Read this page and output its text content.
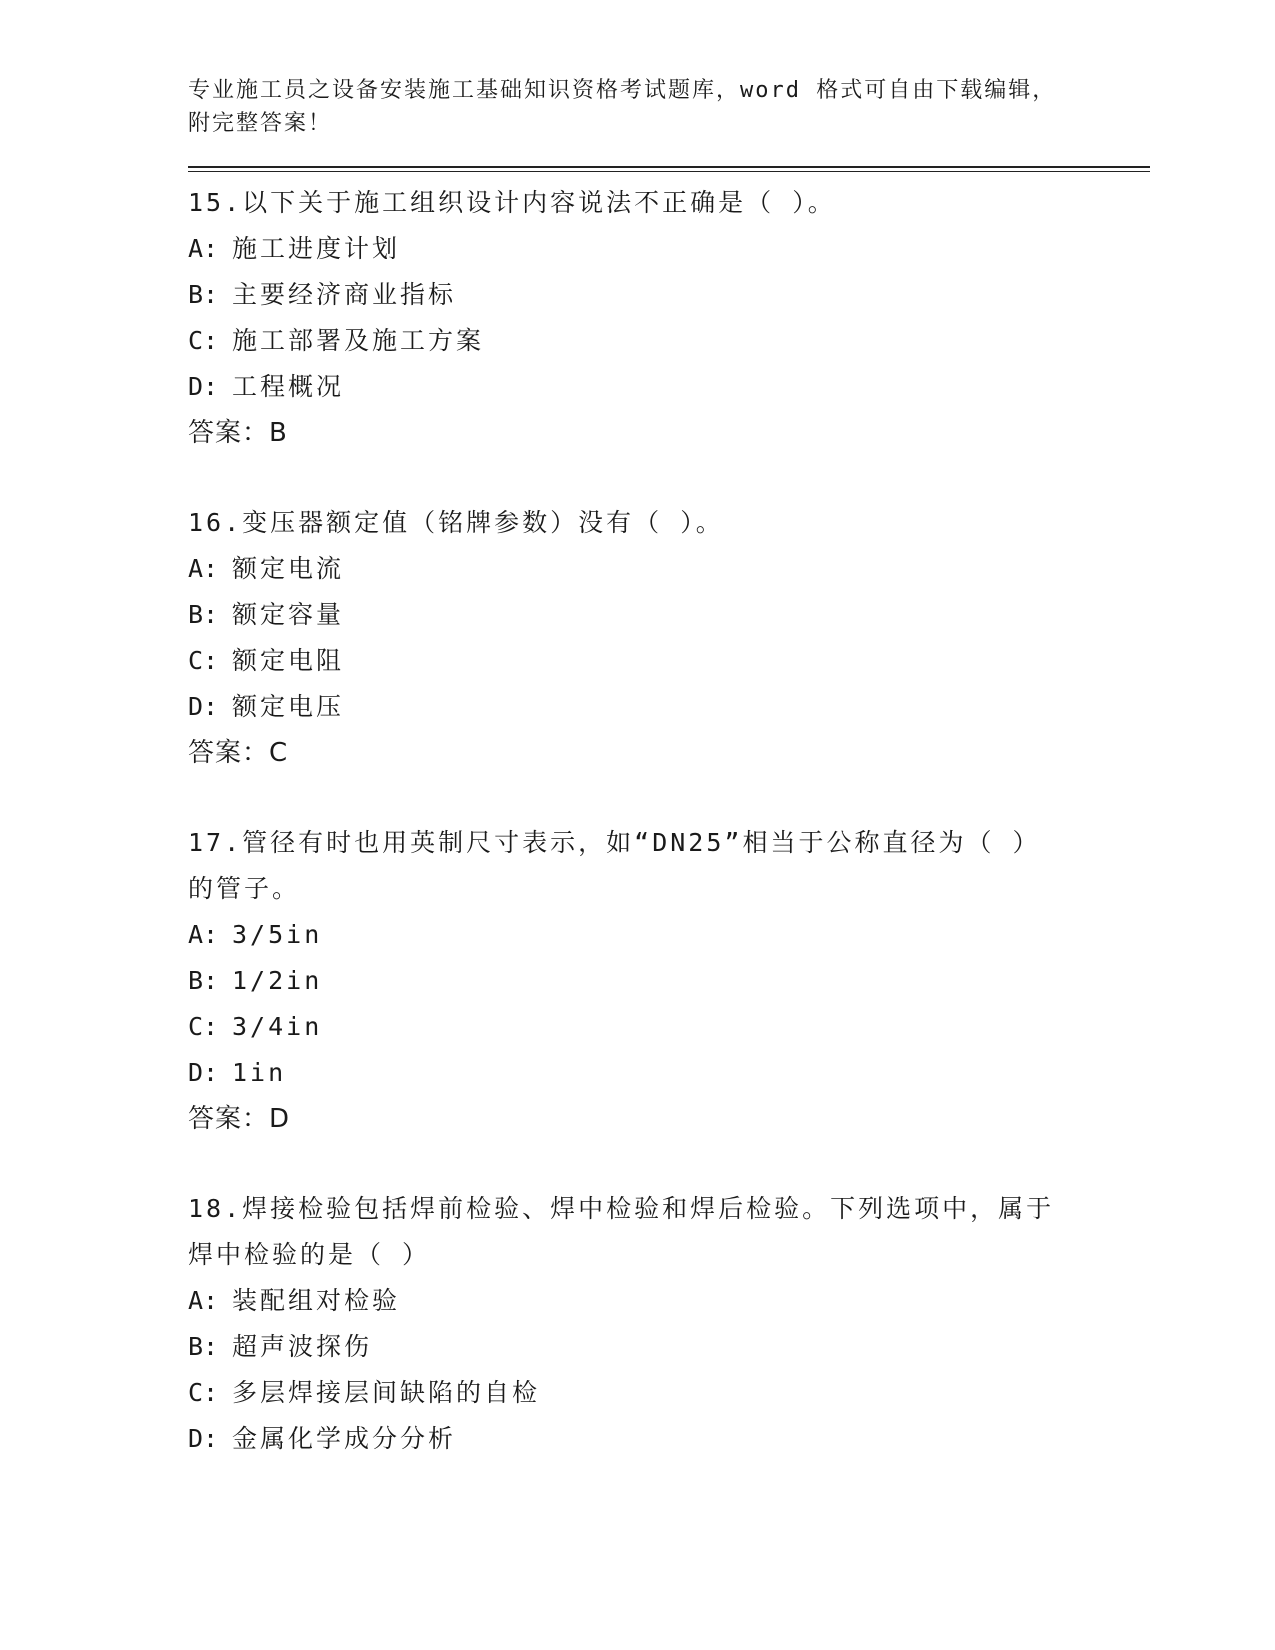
专业施工员之设备安装施工基础知识资格考试题库，word 格式可自由下载编辑，附完整答案！
15.以下关于施工组织设计内容说法不正确是（ ）。
A: 施工进度计划
B: 主要经济商业指标
C: 施工部署及施工方案
D: 工程概况
答案：B
16.变压器额定值（铭牌参数）没有（ ）。
A: 额定电流
B: 额定容量
C: 额定电阻
D: 额定电压
答案：C
17.管径有时也用英制尺寸表示，如“DN25”相当于公称直径为（ ）的管子。
A: 3/5in
B: 1/2in
C: 3/4in
D: 1in
答案：D
18.焊接检验包括焊前检验、焊中检验和焊后检验。下列选项中，属于焊中检验的是（ ）
A: 装配组对检验
B: 超声波探伤
C: 多层焊接层间缺陷的自检
D: 金属化学成分分析
